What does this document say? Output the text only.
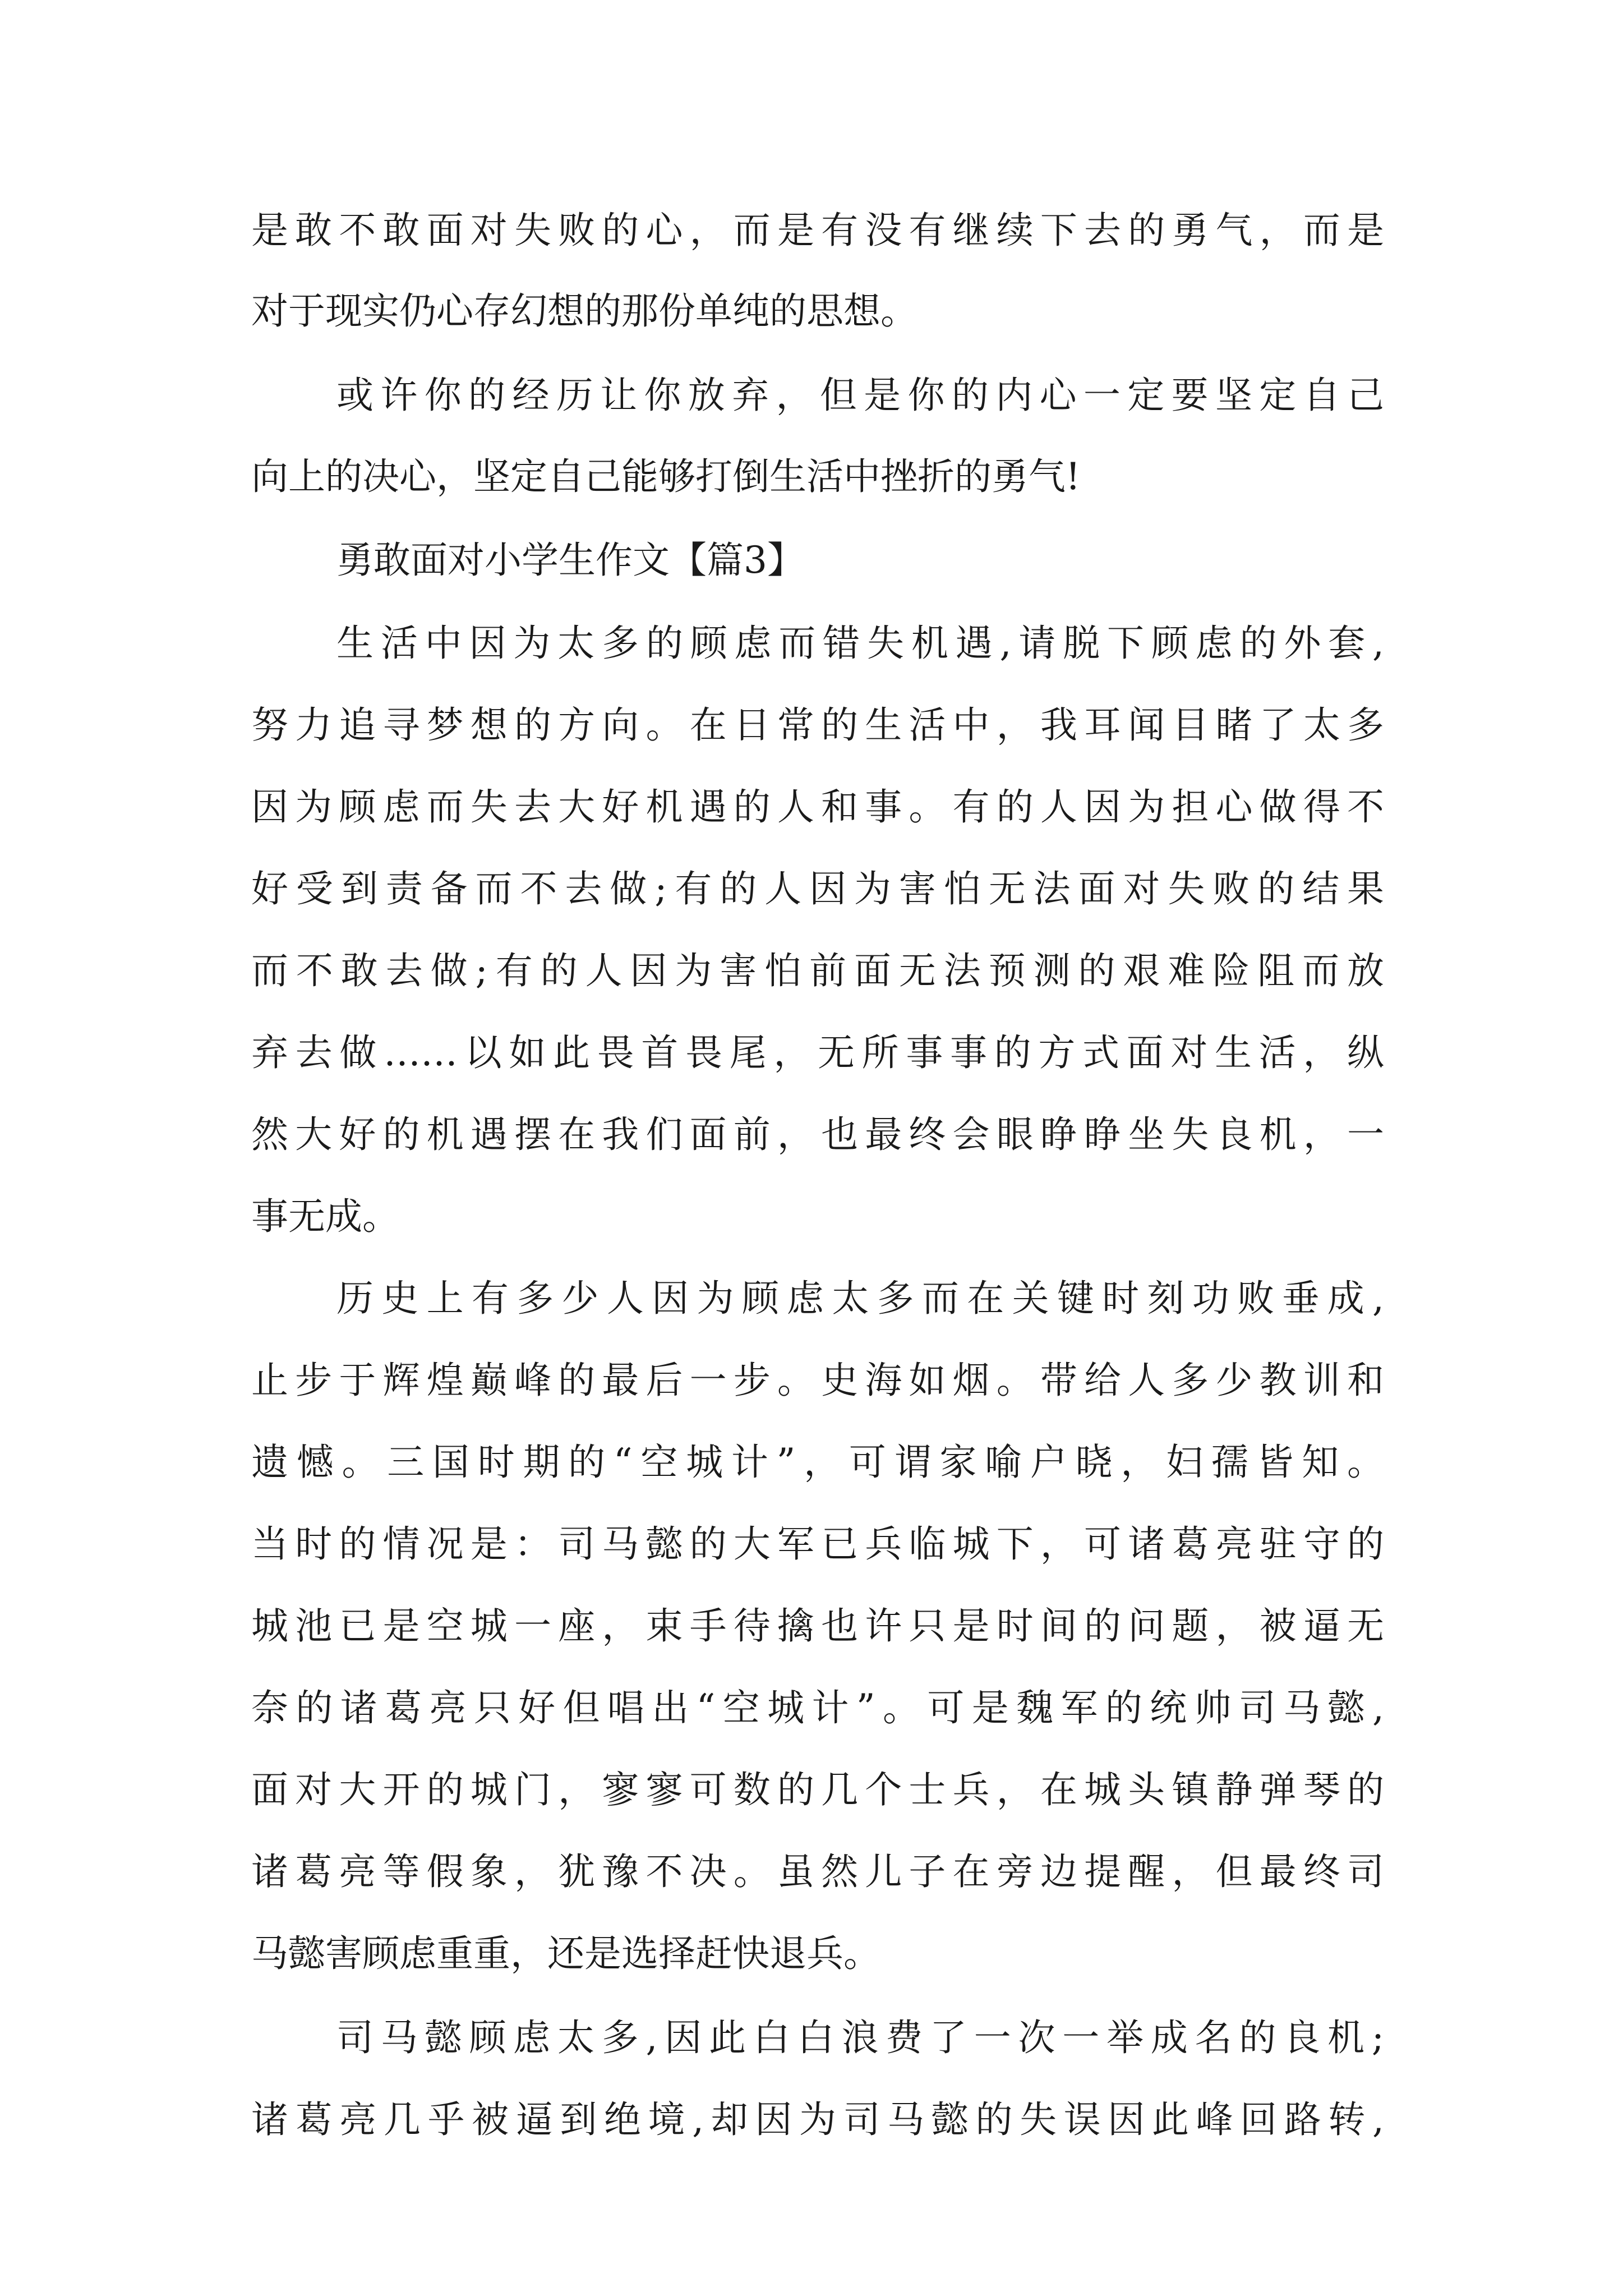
是敢不敢面对失败的心，而是有没有继续下去的勇气，而是
对于现实仍心存幻想的那份单纯的思想。
或许你的经历让你放弃，但是你的内心一定要坚定自己
向上的决心，坚定自己能够打倒生活中挫折的勇气!
勇敢面对小学生作文【篇3】
生活中因为太多的顾虑而错失机遇,请脱下顾虑的外套,
努力追寻梦想的方向。在日常的生活中，我耳闻目睹了太多
因为顾虑而失去大好机遇的人和事。有的人因为担心做得不
好受到责备而不去做;有的人因为害怕无法面对失败的结果
而不敢去做;有的人因为害怕前面无法预测的艰难险阻而放
弃去做……以如此畏首畏尾，无所事事的方式面对生活，纵
然大好的机遇摆在我们面前，也最终会眼睁睁坐失良机，一
事无成。
历史上有多少人因为顾虑太多而在关键时刻功败垂成,
止步于辉煌巅峰的最后一步。史海如烟。带给人多少教训和
遗憾。三国时期的“空城计”，可谓家喻户晓，妇孺皆知。
当时的情况是：司马懿的大军已兵临城下，可诸葛亮驻守的
城池已是空城一座，束手待擒也许只是时间的问题，被逼无
奈的诸葛亮只好但唱出“空城计”。可是魏军的统帅司马懿,
面对大开的城门，寥寥可数的几个士兵，在城头镇静弹琴的
诸葛亮等假象，犹豫不决。虽然儿子在旁边提醒，但最终司
马懿害顾虑重重，还是选择赶快退兵。
司马懿顾虑太多,因此白白浪费了一次一举成名的良机;
诸葛亮几乎被逼到绝境,却因为司马懿的失误因此峰回路转,
